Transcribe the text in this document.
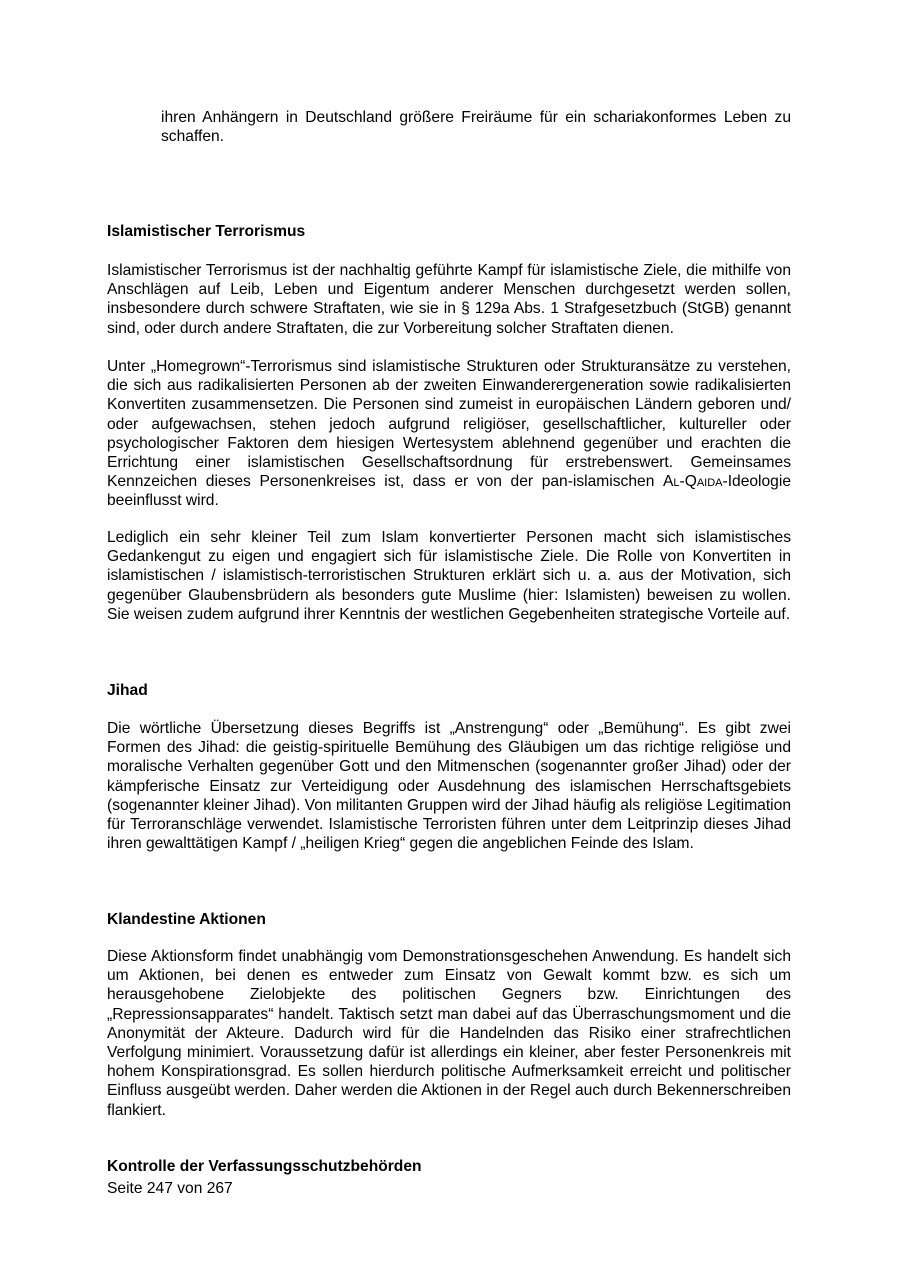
ihren Anhängern in Deutschland größere Freiräume für ein schariakonformes Leben zu schaffen.

Islamistischer Terrorismus

Islamistischer Terrorismus ist der nachhaltig geführte Kampf für islamistische Ziele, die mithilfe von Anschlägen auf Leib, Leben und Eigentum anderer Menschen durchgesetzt werden sollen, insbesondere durch schwere Straftaten, wie sie in § 129a Abs. 1 Strafgesetzbuch (StGB) genannt sind, oder durch andere Straftaten, die zur Vorbereitung solcher Straftaten dienen.

Unter „Homegrown“-Terrorismus sind islamistische Strukturen oder Strukturansätze zu verstehen, die sich aus radikalisierten Personen ab der zweiten Einwanderergeneration sowie radikalisierten Konvertiten zusammensetzen. Die Personen sind zumeist in europäischen Ländern geboren und/ oder aufgewachsen, stehen jedoch aufgrund religiöser, gesellschaftlicher, kultureller oder psychologischer Faktoren dem hiesigen Wertesystem ablehnend gegenüber und erachten die Errichtung einer islamistischen Gesellschaftsordnung für erstrebenswert. Gemeinsames Kennzeichen dieses Personenkreises ist, dass er von der pan-islamischen Al-Qaida-Ideologie beeinflusst wird.

Lediglich ein sehr kleiner Teil zum Islam konvertierter Personen macht sich islamistisches Gedankengut zu eigen und engagiert sich für islamistische Ziele. Die Rolle von Konvertiten in islamistischen / islamistisch-terroristischen Strukturen erklärt sich u. a. aus der Motivation, sich gegenüber Glaubensbrüdern als besonders gute Muslime (hier: Islamisten) beweisen zu wollen. Sie weisen zudem aufgrund ihrer Kenntnis der westlichen Gegebenheiten strategische Vorteile auf.

Jihad

Die wörtliche Übersetzung dieses Begriffs ist „Anstrengung“ oder „Bemühung“. Es gibt zwei Formen des Jihad: die geistig-spirituelle Bemühung des Gläubigen um das richtige religiöse und moralische Verhalten gegenüber Gott und den Mitmenschen (sogenannter großer Jihad) oder der kämpferische Einsatz zur Verteidigung oder Ausdehnung des islamischen Herrschaftsgebiets (sogenannter kleiner Jihad). Von militanten Gruppen wird der Jihad häufig als religiöse Legitimation für Terroranschläge verwendet. Islamistische Terroristen führen unter dem Leitprinzip dieses Jihad ihren gewalttätigen Kampf / „heiligen Krieg“ gegen die angeblichen Feinde des Islam.

Klandestine Aktionen

Diese Aktionsform findet unabhängig vom Demonstrationsgeschehen Anwendung. Es handelt sich um Aktionen, bei denen es entweder zum Einsatz von Gewalt kommt bzw. es sich um herausgehobene Zielobjekte des politischen Gegners bzw. Einrichtungen des „Repressionsapparates“ handelt. Taktisch setzt man dabei auf das Überraschungsmoment und die Anonymität der Akteure. Dadurch wird für die Handelnden das Risiko einer strafrechtlichen Verfolgung minimiert. Voraussetzung dafür ist allerdings ein kleiner, aber fester Personenkreis mit hohem Konspirationsgrad. Es sollen hierdurch politische Aufmerksamkeit erreicht und politischer Einfluss ausgeübt werden. Daher werden die Aktionen in der Regel auch durch Bekennerschreiben flankiert.

Kontrolle der Verfassungsschutzbehörden
Seite 247 von 267
